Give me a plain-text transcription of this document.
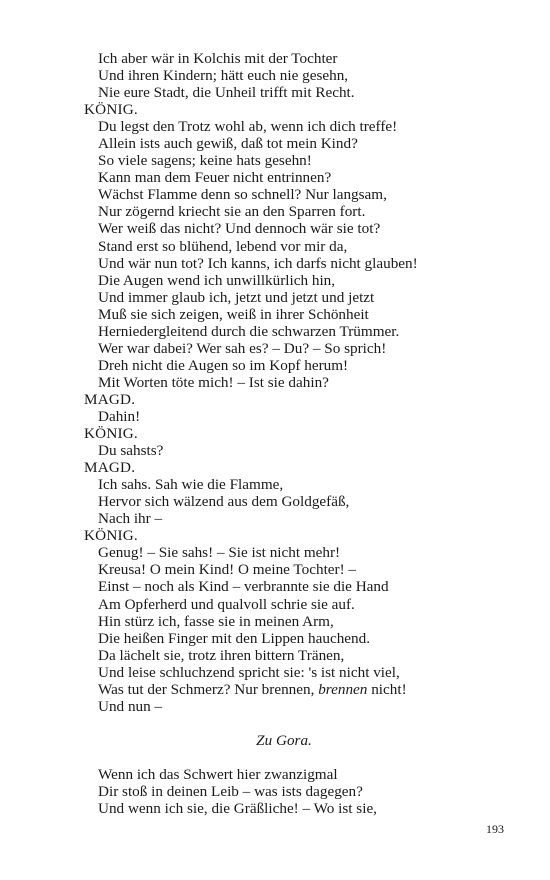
Ich aber wär in Kolchis mit der Tochter
Und ihren Kindern; hätt euch nie gesehn,
Nie eure Stadt, die Unheil trifft mit Recht.
KÖNIG.
Du legst den Trotz wohl ab, wenn ich dich treffe!
Allein ists auch gewiß, daß tot mein Kind?
So viele sagens; keine hats gesehn!
Kann man dem Feuer nicht entrinnen?
Wächst Flamme denn so schnell? Nur langsam,
Nur zögernd kriecht sie an den Sparren fort.
Wer weiß das nicht? Und dennoch wär sie tot?
Stand erst so blühend, lebend vor mir da,
Und wär nun tot? Ich kanns, ich darfs nicht glauben!
Die Augen wend ich unwillkürlich hin,
Und immer glaub ich, jetzt und jetzt und jetzt
Muß sie sich zeigen, weiß in ihrer Schönheit
Herniedergleitend durch die schwarzen Trümmer.
Wer war dabei? Wer sah es? – Du? – So sprich!
Dreh nicht die Augen so im Kopf herum!
Mit Worten töte mich! – Ist sie dahin?
MAGD.
Dahin!
KÖNIG.
Du sahsts?
MAGD.
Ich sahs. Sah wie die Flamme,
Hervor sich wälzend aus dem Goldgefäß,
Nach ihr –
KÖNIG.
Genug! – Sie sahs! – Sie ist nicht mehr!
Kreusa! O mein Kind! O meine Tochter! –
Einst – noch als Kind – verbrannte sie die Hand
Am Opferherd und qualvoll schrie sie auf.
Hin stürz ich, fasse sie in meinen Arm,
Die heißen Finger mit den Lippen hauchend.
Da lächelt sie, trotz ihren bittern Tränen,
Und leise schluchzend spricht sie: 's ist nicht viel,
Was tut der Schmerz? Nur brennen, brennen nicht!
Und nun –
Zu Gora.
Wenn ich das Schwert hier zwanzigmal
Dir stoß in deinen Leib – was ists dagegen?
Und wenn ich sie, die Gräßliche! – Wo ist sie,
193
